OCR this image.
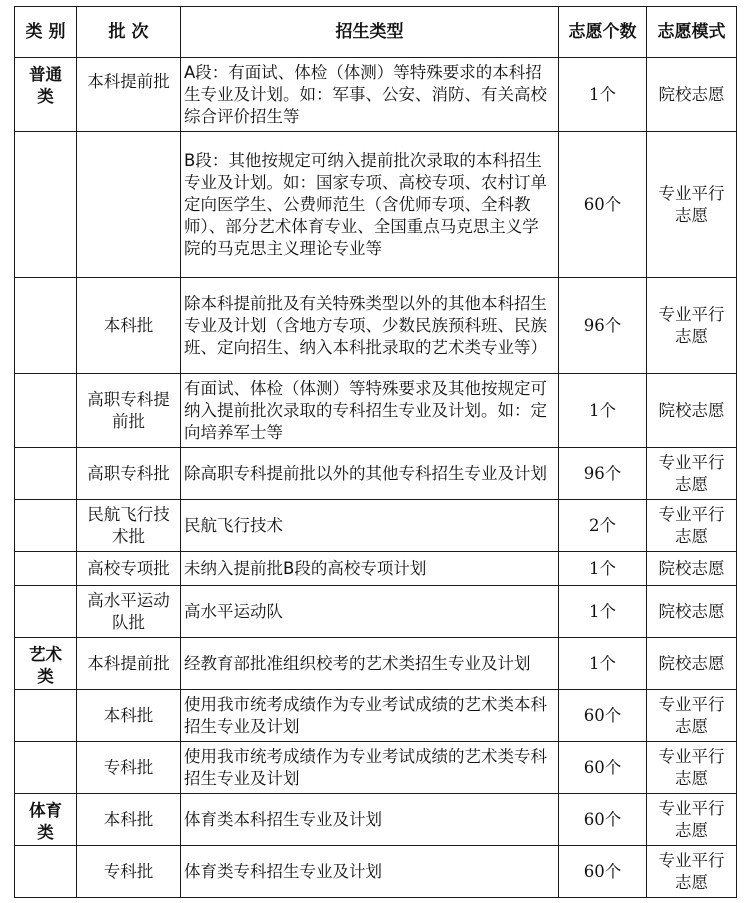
类 别	批 次	招生类型	志愿个数	志愿模式
普通类	本科提前批	A段：有面试、体检（体测）等特殊要求的本科招生专业及计划。如：军事、公安、消防、有关高校综合评价招生等	1个	院校志愿
		B段：其他按规定可纳入提前批次录取的本科招生专业及计划。如：国家专项、高校专项、农村订单定向医学生、公费师范生（含优师专项、全科教师）、部分艺术体育专业、全国重点马克思主义学院的马克思主义理论专业等	60个	专业平行志愿
	本科批	除本科提前批及有关特殊类型以外的其他本科招生专业及计划（含地方专项、少数民族预科班、民族班、定向招生、纳入本科批录取的艺术类专业等）	96个	专业平行志愿
	高职专科提前批	有面试、体检（体测）等特殊要求及其他按规定可纳入提前批次录取的专科招生专业及计划。如：定向培养军士等	1个	院校志愿
	高职专科批	除高职专科提前批以外的其他专科招生专业及计划	96个	专业平行志愿
	民航飞行技术批	民航飞行技术	2个	专业平行志愿
	高校专项批	未纳入提前批B段的高校专项计划	1个	院校志愿
	高水平运动队批	高水平运动队	1个	院校志愿
艺术类	本科提前批	经教育部批准组织校考的艺术类招生专业及计划	1个	院校志愿
	本科批	使用我市统考成绩作为专业考试成绩的艺术类本科招生专业及计划	60个	专业平行志愿
	专科批	使用我市统考成绩作为专业考试成绩的艺术类专科招生专业及计划	60个	专业平行志愿
体育类	本科批	体育类本科招生专业及计划	60个	专业平行志愿
	专科批	体育类专科招生专业及计划	60个	专业平行志愿
